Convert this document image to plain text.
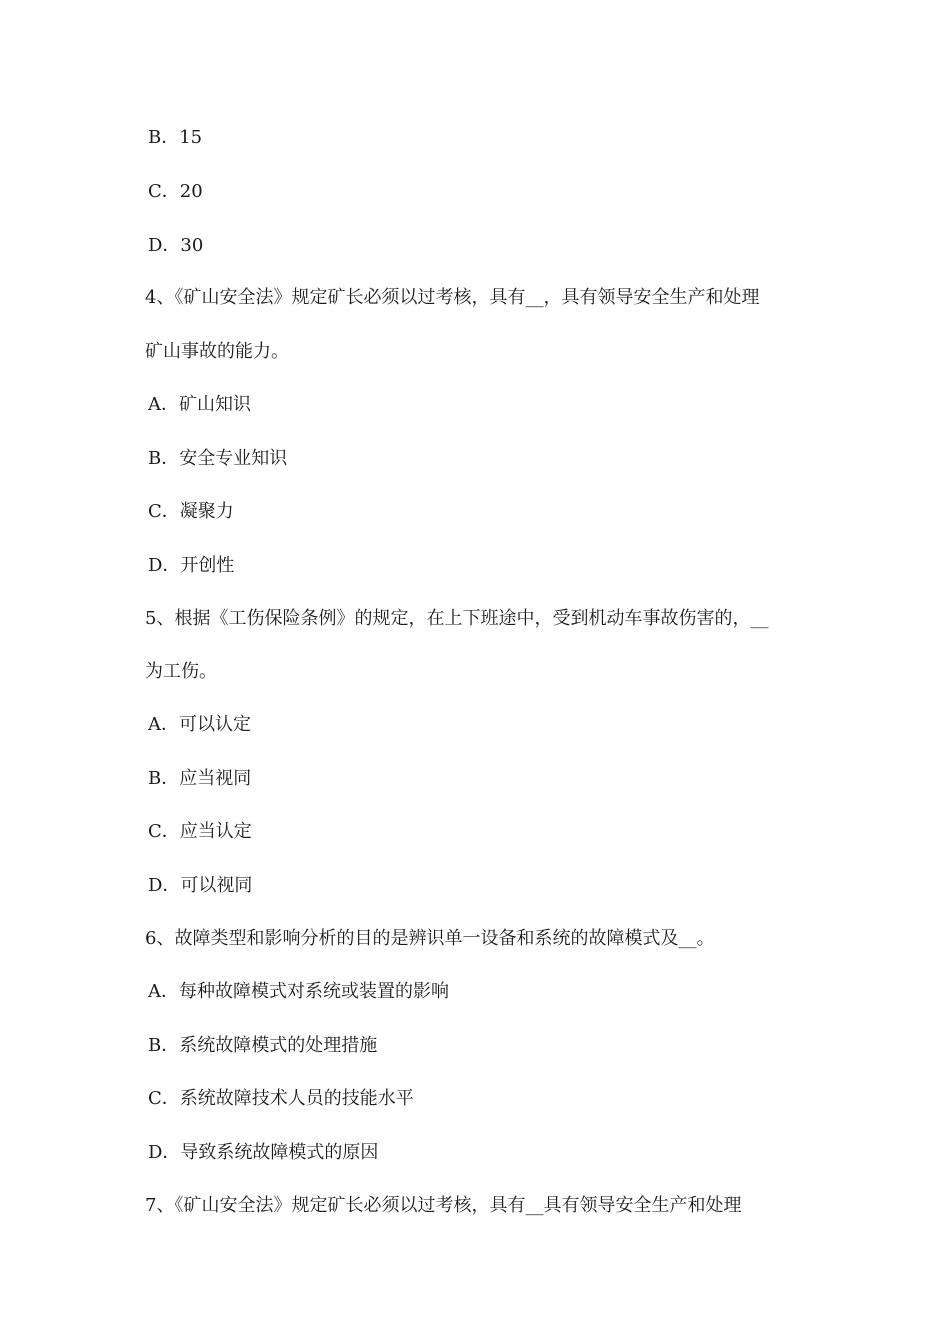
B．15
C．20
D．30
4、《矿山安全法》规定矿长必须以过考核，具有__，具有领导安全生产和处理
矿山事故的能力。
A．矿山知识
B．安全专业知识
C．凝聚力
D．开创性
5、根据《工伤保险条例》的规定，在上下班途中，受到机动车事故伤害的，__
为工伤。
A．可以认定
B．应当视同
C．应当认定
D．可以视同
6、故障类型和影响分析的目的是辨识单一设备和系统的故障模式及__。
A．每种故障模式对系统或装置的影响
B．系统故障模式的处理措施
C．系统故障技术人员的技能水平
D．导致系统故障模式的原因
7、《矿山安全法》规定矿长必须以过考核，具有__具有领导安全生产和处理
